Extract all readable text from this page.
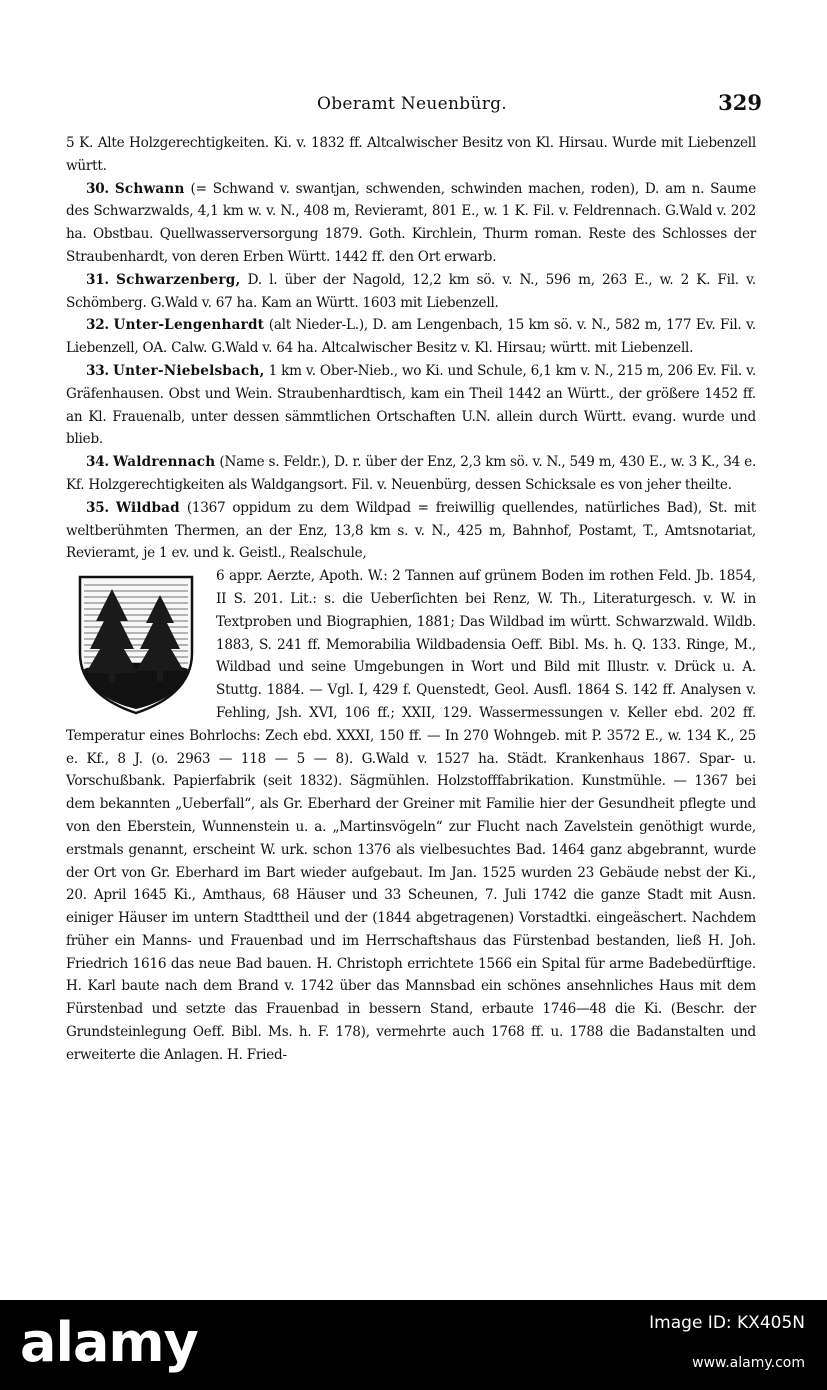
Oberamt Neuenbürg.	329

5 K. Alte Holzgerechtigkeiten. Ki. v. 1832 ff. Altcalwischer Besitz von Kl. Hirsau. Wurde mit Liebenzell württ.

30. Schwann (= Schwand v. swantjan, schwenden, schwinden machen, roden), D. am n. Saume des Schwarzwalds, 4,1 km w. v. N., 408 m, Revieramt, 801 E., w. 1 K. Fil. v. Feldrennach. G.Wald v. 202 ha. Obstbau. Quellwasserversorgung 1879. Goth. Kirchlein, Thurm roman. Reste des Schlosses der Straubenhardt, von deren Erben Württ. 1442 ff. den Ort erwarb.

31. Schwarzenberg, D. l. über der Nagold, 12,2 km sö. v. N., 596 m, 263 E., w. 2 K. Fil. v. Schömberg. G.Wald v. 67 ha. Kam an Württ. 1603 mit Liebenzell.

32. Unter-Lengenhardt (alt Nieder-L.), D. am Lengenbach, 15 km sö. v. N., 582 m, 177 Ev. Fil. v. Liebenzell, OA. Calw. G.Wald v. 64 ha. Altcalwischer Besitz v. Kl. Hirsau; württ. mit Liebenzell.

33. Unter-Niebelsbach, 1 km v. Ober-Nieb., wo Ki. und Schule, 6,1 km v. N., 215 m, 206 Ev. Fil. v. Gräfenhausen. Obst und Wein. Straubenhardtisch, kam ein Theil 1442 an Württ., der größere 1452 ff. an Kl. Frauenalb, unter dessen sämmtlichen Ortschaften U.N. allein durch Württ. evang. wurde und blieb.

34. Waldrennach (Name s. Feldr.), D. r. über der Enz, 2,3 km sö. v. N., 549 m, 430 E., w. 3 K., 34 e. Kf. Holzgerechtigkeiten als Waldgangsort. Fil. v. Neuenbürg, dessen Schicksale es von jeher theilte.

35. Wildbad (1367 oppidum zu dem Wildpad = freiwillig quellendes, natürliches Bad), St. mit weltberühmten Thermen, an der Enz, 13,8 km s. v. N., 425 m, Bahnhof, Postamt, T., Amtsnotariat, Revieramt, je 1 ev. und k. Geistl., Realschule,

6 appr. Aerzte, Apoth. W.: 2 Tannen auf grünem Boden im rothen Feld. Jb. 1854, II S. 201. Lit.: s. die Ueberſichten bei Renz, W. Th., Literaturgesch. v. W. in Textproben und Biographien, 1881; Das Wildbad im württ. Schwarzwald. Wildb. 1883, S. 241 ff. Memorabilia Wildbadensia Oeff. Bibl. Ms. h. Q. 133. Ringe, M., Wildbad und seine Umgebungen in Wort und Bild mit Illustr. v. Drück u. A. Stuttg. 1884. — Vgl. I, 429 f. Quenstedt, Geol. Ausfl. 1864 S. 142 ff. Analysen v. Fehling, Jsh. XVI, 106 ff.; XXII, 129. Wassermessungen v. Keller ebd. 202 ff. Temperatur eines Bohrlochs: Zech ebd. XXXI, 150 ff. — In 270 Wohngeb. mit P. 3572 E., w. 134 K., 25 e. Kf., 8 J. (o. 2963 — 118 — 5 — 8). G.Wald v. 1527 ha. Städt. Krankenhaus 1867. Spar- u. Vorschußbank. Papierfabrik (seit 1832). Sägmühlen. Holzstofffabrikation. Kunstmühle. — 1367 bei dem bekannten „Ueberfall“, als Gr. Eberhard der Greiner mit Familie hier der Gesundheit pflegte und von den Eberstein, Wunnenstein u. a. „Martinsvögeln“ zur Flucht nach Zavelstein genöthigt wurde, erstmals genannt, erscheint W. urk. schon 1376 als vielbesuchtes Bad. 1464 ganz abgebrannt, wurde der Ort von Gr. Eberhard im Bart wieder aufgebaut. Im Jan. 1525 wurden 23 Gebäude nebst der Ki., 20. April 1645 Ki., Amthaus, 68 Häuser und 33 Scheunen, 7. Juli 1742 die ganze Stadt mit Ausn. einiger Häuser im untern Stadttheil und der (1844 abgetragenen) Vorstadtki. eingeäschert. Nachdem früher ein Manns- und Frauenbad und im Herrschaftshaus das Fürstenbad bestanden, ließ H. Joh. Friedrich 1616 das neue Bad bauen. H. Christoph errichtete 1566 ein Spital für arme Badebedürftige. H. Karl baute nach dem Brand v. 1742 über das Mannsbad ein schönes ansehnliches Haus mit dem Fürstenbad und setzte das Frauenbad in bessern Stand, erbaute 1746—48 die Ki. (Beschr. der Grundsteinlegung Oeff. Bibl. Ms. h. F. 178), vermehrte auch 1768 ff. u. 1788 die Badanstalten und erweiterte die Anlagen. H. Fried-

alamy	Image ID: KX405N
www.alamy.com
